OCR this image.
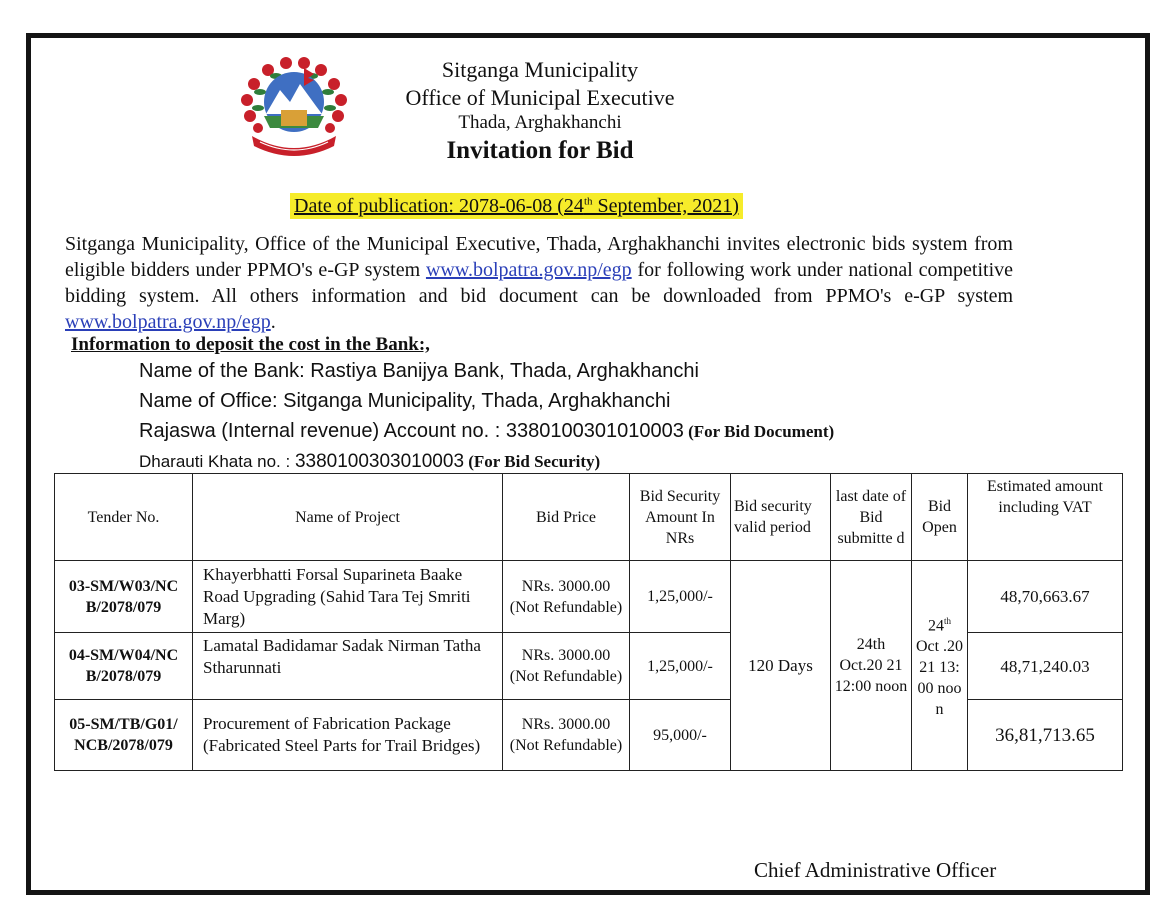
Sitganga Municipality
Office of Municipal Executive
Thada, Arghakhanchi
Invitation for Bid
Date of publication: 2078-06-08 (24th September, 2021)

Sitganga Municipality, Office of the Municipal Executive, Thada, Arghakhanchi invites electronic bids system from eligible bidders under PPMO's e-GP system www.bolpatra.gov.np/egp for following work under national competitive bidding system. All others information and bid document can be downloaded from PPMO's e-GP system www.bolpatra.gov.np/egp.

Information to deposit the cost in the Bank:,
Name of the Bank: Rastiya Banijya Bank, Thada, Arghakhanchi
Name of Office: Sitganga Municipality, Thada, Arghakhanchi
Rajaswa (Internal revenue) Account no. : 3380100301010003 (For Bid Document)
Dharauti Khata no. : 3380100303010003 (For Bid Security)
Tender No.	Name of Project	Bid Price	Bid Security Amount In NRs	Bid security valid period	last date of Bid submitte d	Bid Open	Estimated amount including VAT
03-SM/W03/NC B/2078/079	Khayerbhatti Forsal Suparineta Baake Road Upgrading (Sahid Tara Tej Smriti Marg)	NRs. 3000.00 (Not Refundable)	1,25,000/-	120 Days	24th Oct.20 21 12:00 noon	24th Oct .20 21 13: 00 noo n	48,70,663.67
04-SM/W04/NC B/2078/079	Lamatal Badidamar Sadak Nirman Tatha Stharunnati	NRs. 3000.00 (Not Refundable)	1,25,000/-				48,71,240.03
05-SM/TB/G01/ NCB/2078/079	Procurement of Fabrication Package (Fabricated Steel Parts for Trail Bridges)	NRs. 3000.00 (Not Refundable)	95,000/-				36,81,713.65
Chief Administrative Officer
